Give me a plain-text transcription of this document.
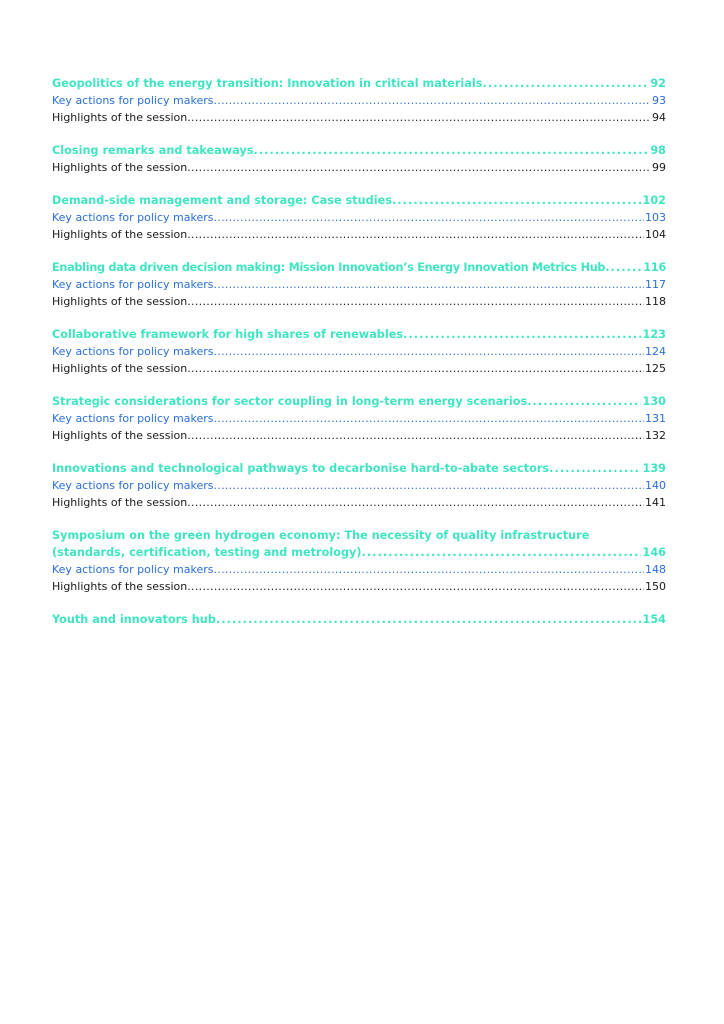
Geopolitics of the energy transition: Innovation in critical materials . . .	92
Key actions for policy makers . . .	93
Highlights of the session . . .	94
Closing remarks and takeaways . . .	98
Highlights of the session . . .	99
Demand-side management and storage: Case studies . . .	102
Key actions for policy makers . . .	103
Highlights of the session . . .	104
Enabling data driven decision making: Mission Innovation’s Energy Innovation Metrics Hub . . .	116
Key actions for policy makers . . .	117
Highlights of the session . . .	118
Collaborative framework for high shares of renewables . . .	123
Key actions for policy makers . . .	124
Highlights of the session . . .	125
Strategic considerations for sector coupling in long-term energy scenarios . . .	130
Key actions for policy makers . . .	131
Highlights of the session . . .	132
Innovations and technological pathways to decarbonise hard-to-abate sectors . . .	139
Key actions for policy makers . . .	140
Highlights of the session . . .	141
Symposium on the green hydrogen economy: The necessity of quality infrastructure
(standards, certification, testing and metrology) . . .	146
Key actions for policy makers . . .	148
Highlights of the session . . .	150
Youth and innovators hub . . .	154
